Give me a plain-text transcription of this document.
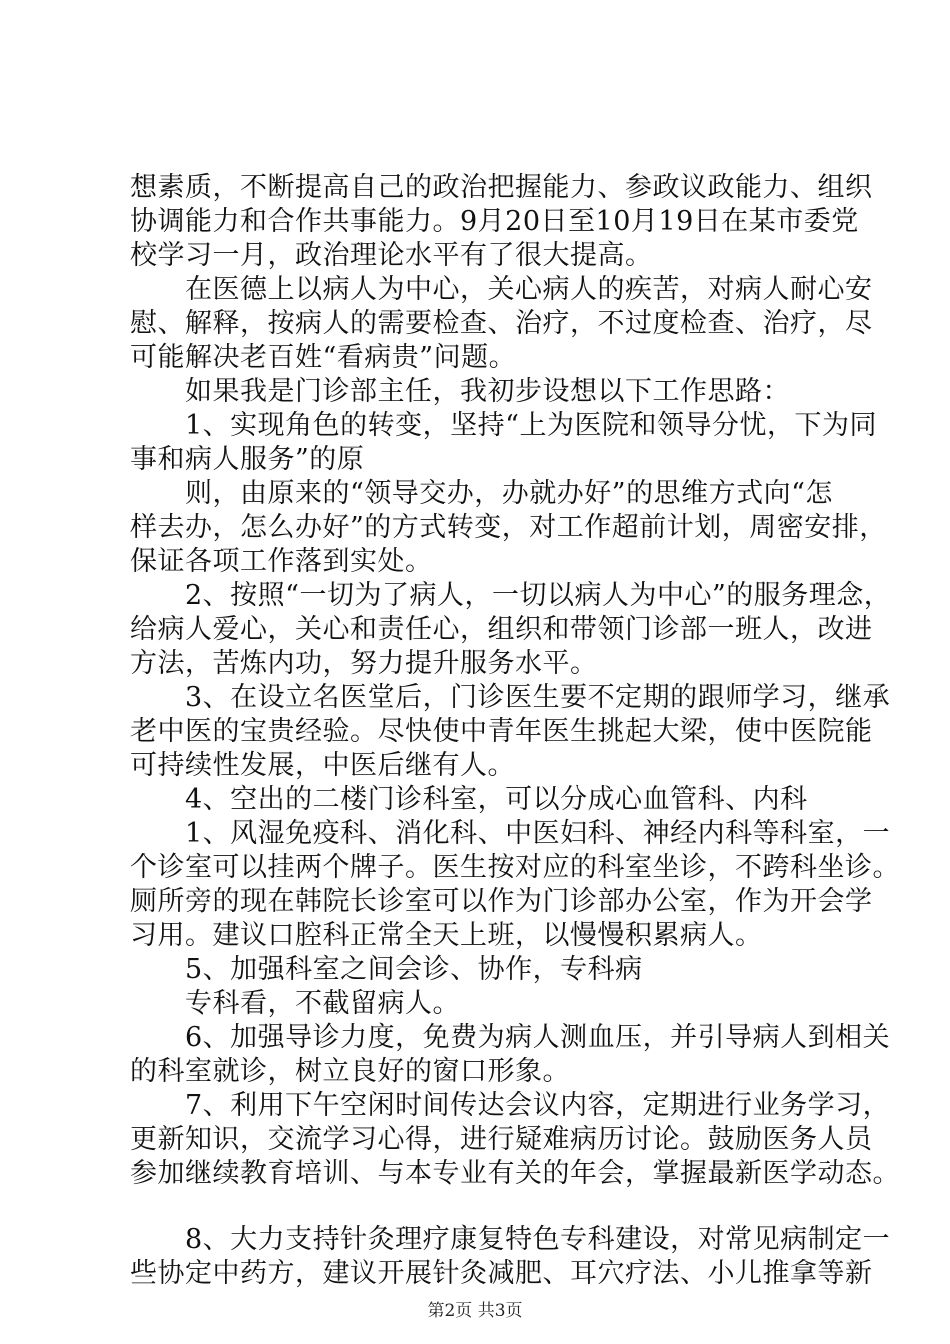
想素质，不断提高自己的政治把握能力、参政议政能力、组织
协调能力和合作共事能力。9月20日至10月19日在某市委党
校学习一月，政治理论水平有了很大提高。
　　在医德上以病人为中心，关心病人的疾苦，对病人耐心安
慰、解释，按病人的需要检查、治疗，不过度检查、治疗，尽
可能解决老百姓“看病贵”问题。
　　如果我是门诊部主任，我初步设想以下工作思路：
　　1、实现角色的转变，坚持“上为医院和领导分忧，下为同
事和病人服务”的原
　　则，由原来的“领导交办，办就办好”的思维方式向“怎
样去办，怎么办好”的方式转变，对工作超前计划，周密安排，
保证各项工作落到实处。
　　2、按照“一切为了病人，一切以病人为中心”的服务理念，
给病人爱心，关心和责任心，组织和带领门诊部一班人，改进
方法，苦炼内功，努力提升服务水平。
　　3、在设立名医堂后，门诊医生要不定期的跟师学习，继承
老中医的宝贵经验。尽快使中青年医生挑起大梁，使中医院能
可持续性发展，中医后继有人。
　　4、空出的二楼门诊科室，可以分成心血管科、内科
　　1、风湿免疫科、消化科、中医妇科、神经内科等科室，一
个诊室可以挂两个牌子。医生按对应的科室坐诊，不跨科坐诊。
厕所旁的现在韩院长诊室可以作为门诊部办公室，作为开会学
习用。建议口腔科正常全天上班，以慢慢积累病人。
　　5、加强科室之间会诊、协作，专科病
　　专科看，不截留病人。
　　6、加强导诊力度，免费为病人测血压，并引导病人到相关
的科室就诊，树立良好的窗口形象。
　　7、利用下午空闲时间传达会议内容，定期进行业务学习，
更新知识，交流学习心得，进行疑难病历讨论。鼓励医务人员
参加继续教育培训、与本专业有关的年会，掌握最新医学动态。
　　8、大力支持针灸理疗康复特色专科建设，对常见病制定一
些协定中药方，建议开展针灸减肥、耳穴疗法、小儿推拿等新
第2页 共3页
